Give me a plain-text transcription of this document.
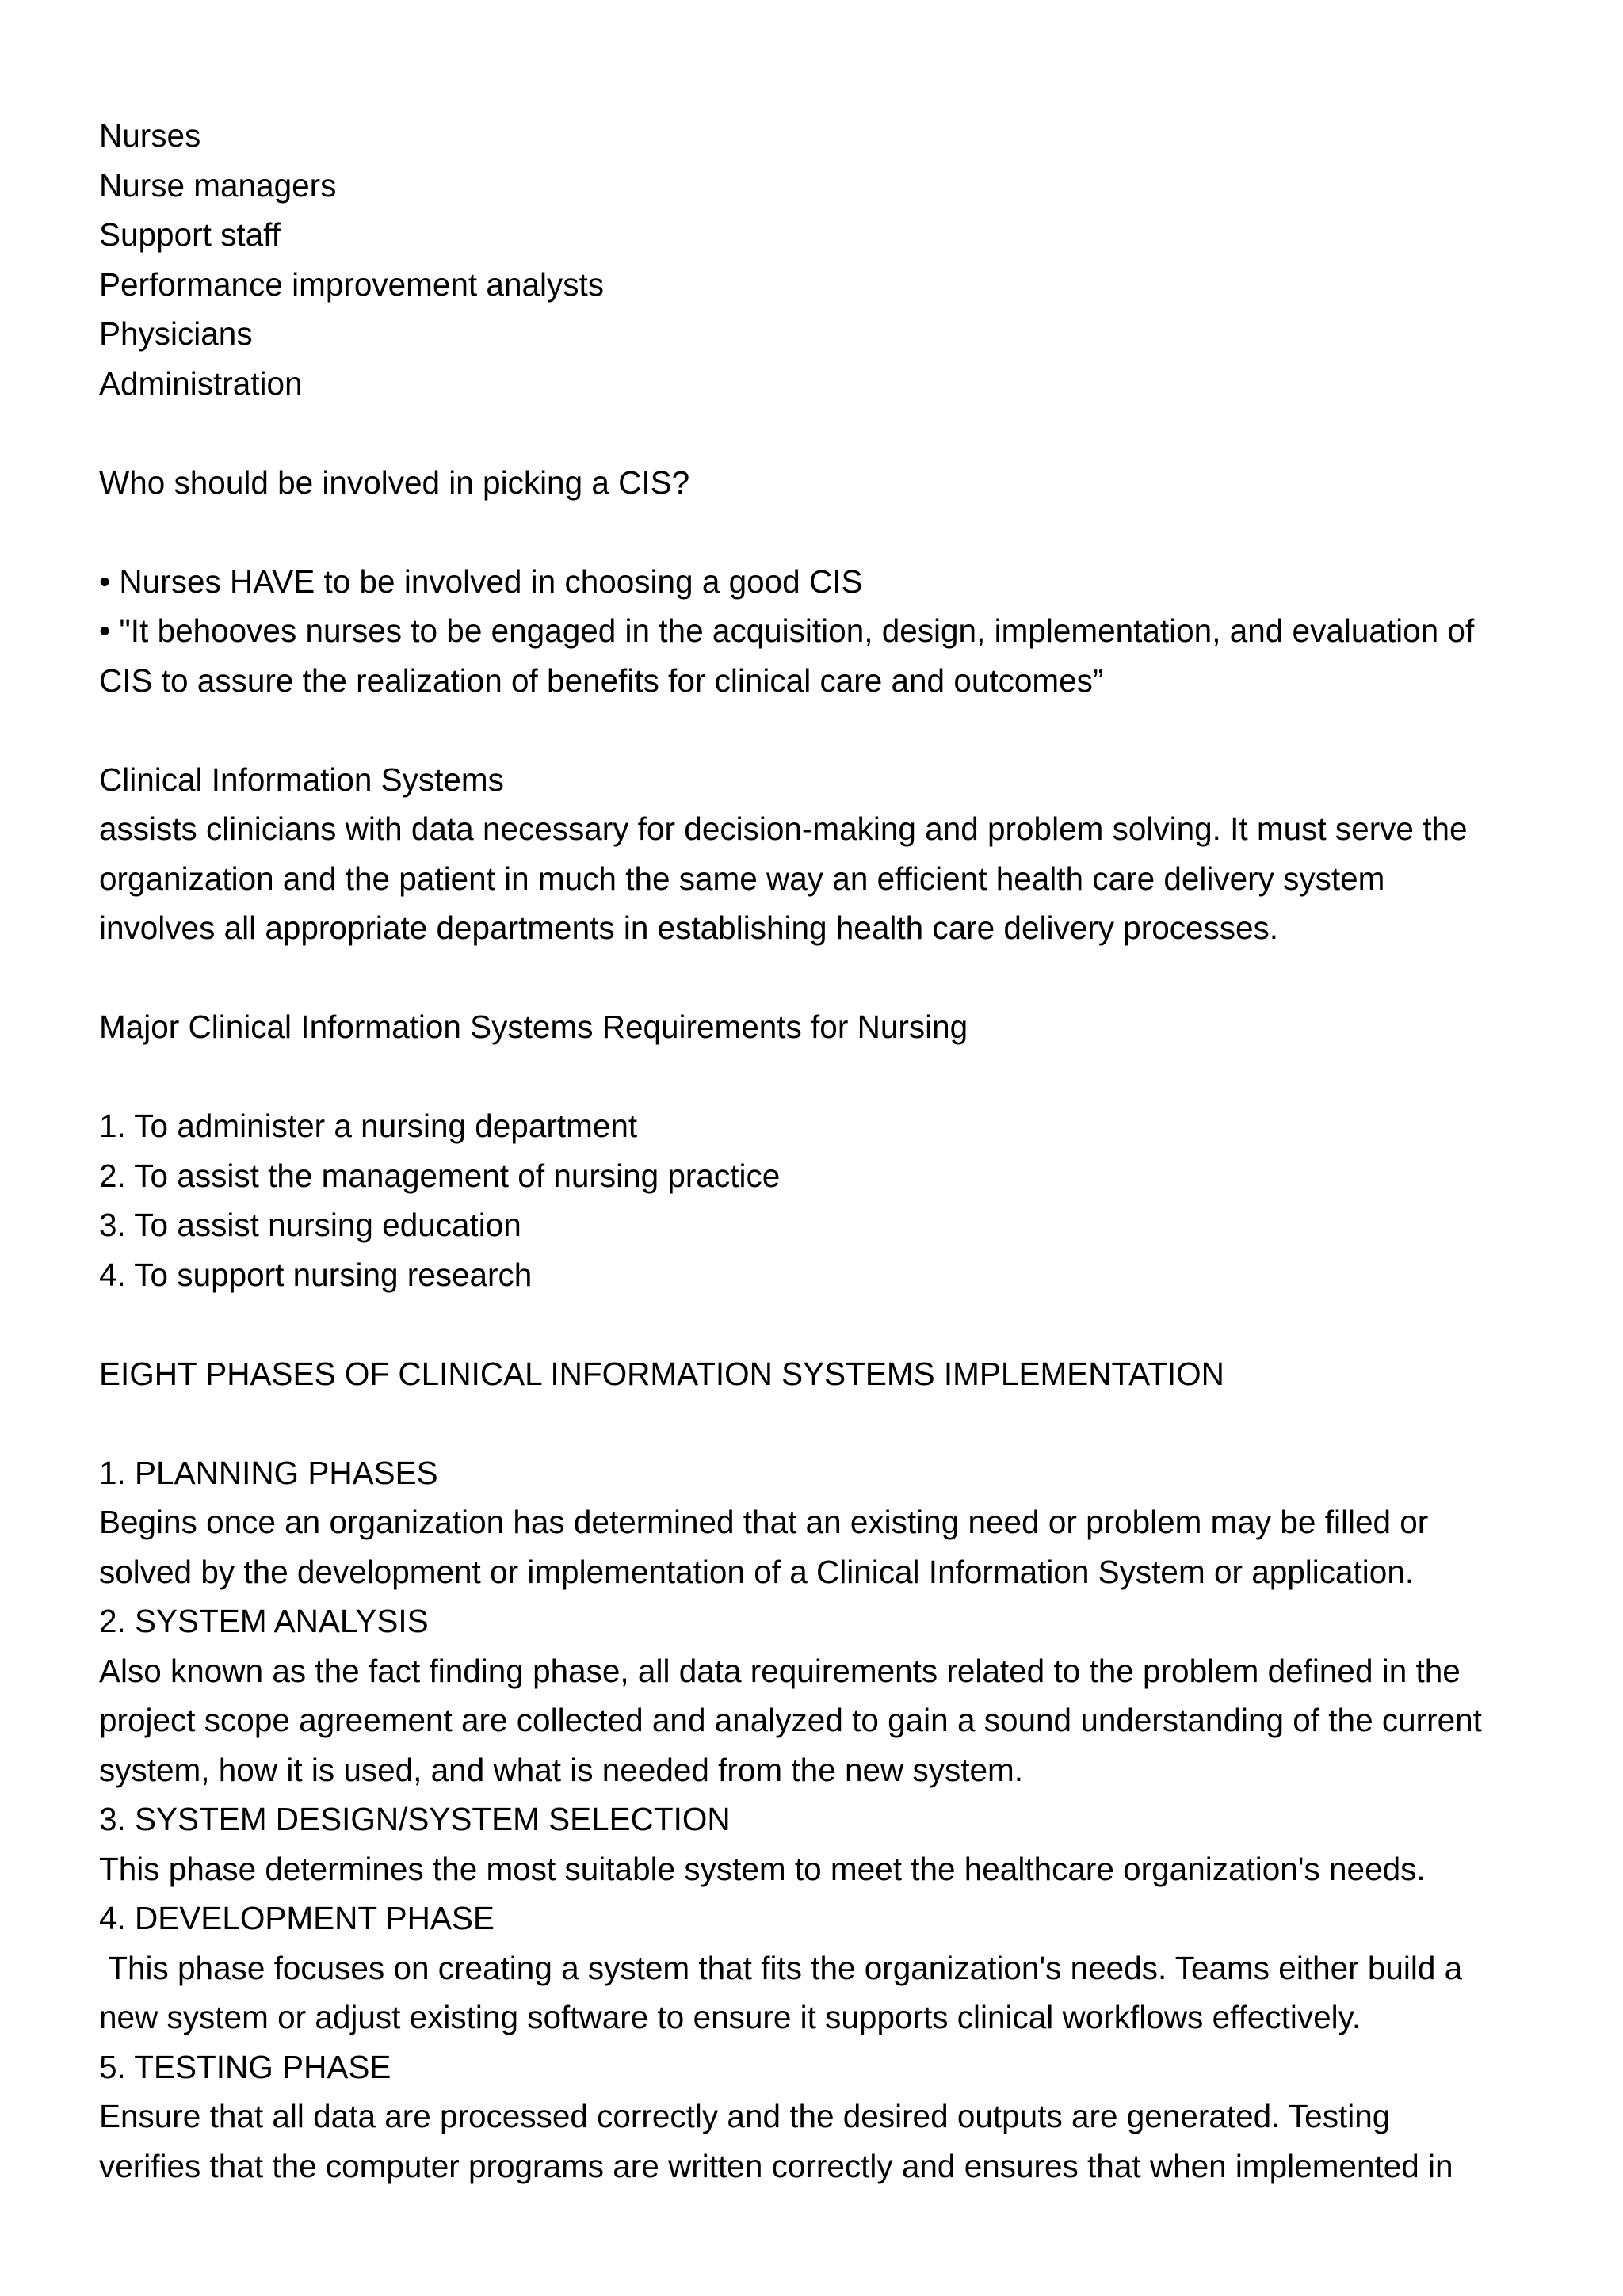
Nurses
Nurse managers
Support staff
Performance improvement analysts
Physicians
Administration
Who should be involved in picking a CIS?
• Nurses HAVE to be involved in choosing a good CIS
• "It behooves nurses to be engaged in the acquisition, design, implementation, and evaluation of
CIS to assure the realization of benefits for clinical care and outcomes”
Clinical Information Systems
assists clinicians with data necessary for decision-making and problem solving. It must serve the
organization and the patient in much the same way an efficient health care delivery system
involves all appropriate departments in establishing health care delivery processes.
Major Clinical Information Systems Requirements for Nursing
1. To administer a nursing department
2. To assist the management of nursing practice
3. To assist nursing education
4. To support nursing research
EIGHT PHASES OF CLINICAL INFORMATION SYSTEMS IMPLEMENTATION
1. PLANNING PHASES
Begins once an organization has determined that an existing need or problem may be filled or
solved by the development or implementation of a Clinical Information System or application.
2. SYSTEM ANALYSIS
Also known as the fact finding phase, all data requirements related to the problem defined in the
project scope agreement are collected and analyzed to gain a sound understanding of the current
system, how it is used, and what is needed from the new system.
3. SYSTEM DESIGN/SYSTEM SELECTION
This phase determines the most suitable system to meet the healthcare organization's needs.
4. DEVELOPMENT PHASE
This phase focuses on creating a system that fits the organization's needs. Teams either build a
new system or adjust existing software to ensure it supports clinical workflows effectively.
5. TESTING PHASE
Ensure that all data are processed correctly and the desired outputs are generated. Testing
verifies that the computer programs are written correctly and ensures that when implemented in
